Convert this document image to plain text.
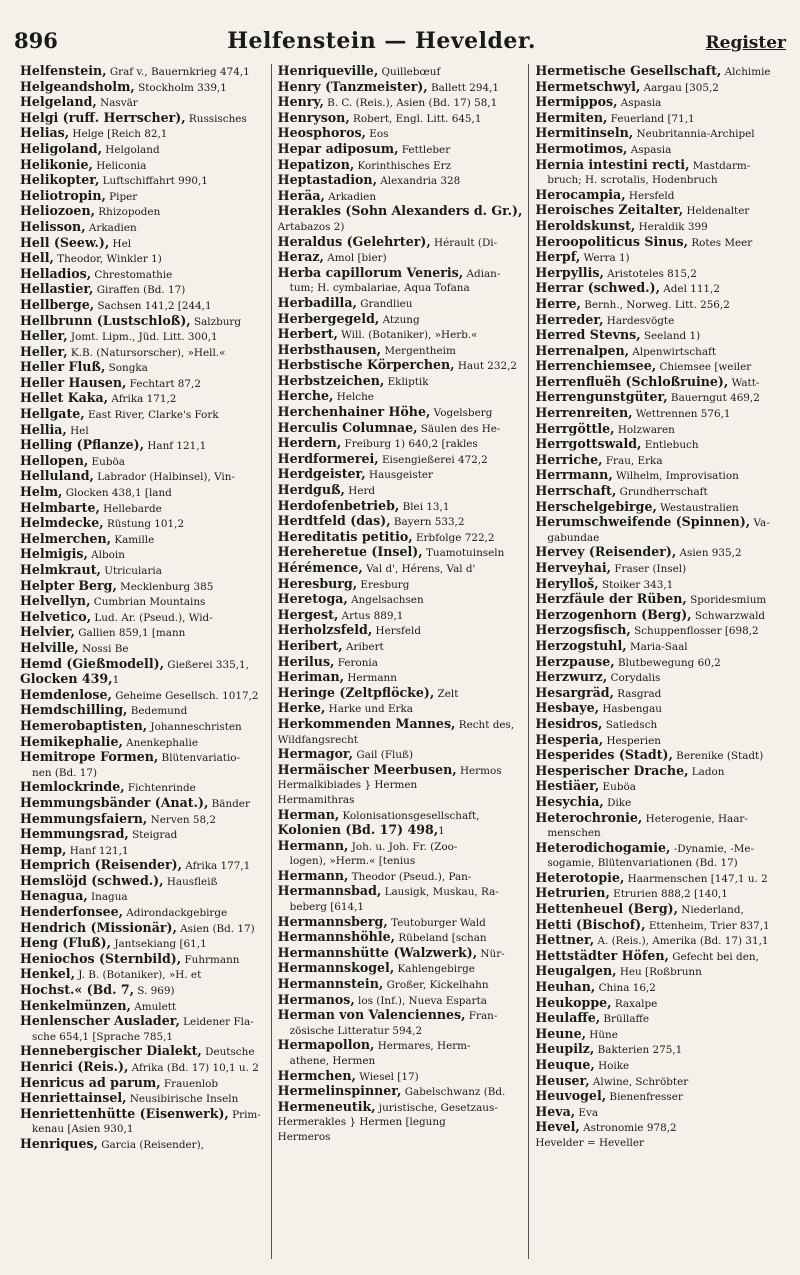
896	Helfenstein — Hevelder.	Register
Helfenstein, Graf v., Bauernkrieg 474,1
Helgeandsholm, Stockholm 339,1
Helgeland, Nasvär
Helgi (ruff. Herrscher), Russisches
Helias, Helge [Reich 82,1
Heligoland, Helgoland
Helikonie, Heliconia
Helikopter, Luftschiffahrt 990,1
Heliotropin, Piper
Heliozoen, Rhizopoden
Helisson, Arkadien
Hell (Seew.), Hel
Hell, Theodor, Winkler 1)
Helladios, Chrestomathie
Hellastier, Giraffen (Bd. 17)
Hellberge, Sachsen 141,2 [244,1
Hellbrunn (Lustschloß), Salzburg
Heller, Jomt. Lipm., Jüd. Litt. 300,1
Heller, K.B. (Natursorscher), »Hell.«
Heller Fluß, Songka
Heller Hausen, Fechtart 87,2
Hellet Kaka, Afrika 171,2
Hellgate, East River, Clarke's Fork
Hellia, Hel
Helling (Pflanze), Hanf 121,1
Hellopen, Euböa
Helluland, Labrador (Halbinsel), Vin-
Helm, Glocken 438,1 [land
Helmbarte, Hellebarde
Helmdecke, Rüstung 101,2
Helmerchen, Kamille
Helmigis, Alboin
Helmkraut, Utricularia
Helpter Berg, Mecklenburg 385
Helvellyn, Cumbrian Mountains
Helvetico, Lud. Ar. (Pseud.), Wid-
Helvier, Gallien 859,1 [mann
Helville, Nossi Be
Hemd (Gießmodell), Gießerei 335,1,
Glocken 439,1
Hemdenlose, Geheime Gesellsch. 1017,2
Hemdschilling, Bedemund
Hemerobaptisten, Johanneschristen
Hemikephalie, Anenkephalie
Hemitrope Formen, Blütenvariatio-
nen (Bd. 17)
Hemlockrinde, Fichtenrinde
Hemmungsbänder (Anat.), Bänder
Hemmungsfaiern, Nerven 58,2
Hemmungsrad, Steigrad
Hemp, Hanf 121,1
Hemprich (Reisender), Afrika 177,1
Hemslöjd (schwed.), Hausfleiß
Henagua, Inagua
Henderfonsee, Adirondackgebirge
Hendrich (Missionär), Asien (Bd. 17)
Heng (Fluß), Jantsekiang [61,1
Heniochos (Sternbild), Fuhrmann
Henkel, J. B. (Botaniker), »H. et
Hochst.« (Bd. 7, S. 969)
Henkelmünzen, Amulett
Henlenscher Auslader, Leidener Fla-
sche 654,1 [Sprache 785,1
Hennebergischer Dialekt, Deutsche
Henrici (Reis.), Afrika (Bd. 17) 10,1 u. 2
Henricus ad parum, Frauenlob
Henriettainsel, Neusibirische Inseln
Henriettenhütte (Eisenwerk), Prim-
kenau [Asien 930,1
Henriques, Garcia (Reisender),
Henriqueville, Quillebœuf
Henry (Tanzmeister), Ballett 294,1
Henry, B. C. (Reis.), Asien (Bd. 17) 58,1
Henryson, Robert, Engl. Litt. 645,1
Heosphoros, Eos
Hepar adiposum, Fettleber
Hepatizon, Korinthisches Erz
Heptastadion, Alexandria 328
Heräa, Arkadien
Herakles (Sohn Alexanders d. Gr.),
Artabazos 2)
Heraldus (Gelehrter), Hérault (Di-
Heraz, Amol [bier)
Herba capillorum Veneris, Adian-
tum; H. cymbalariae, Aqua Tofana
Herbadilla, Grandlieu
Herbergegeld, Atzung
Herbert, Will. (Botaniker), »Herb.«
Herbsthausen, Mergentheim
Herbstische Körperchen, Haut 232,2
Herbstzeichen, Ekliptik
Herche, Helche
Herchenhainer Höhe, Vogelsberg
Herculis Columnae, Säulen des He-
Herdern, Freiburg 1) 640,2 [rakles
Herdformerei, Eisengießerei 472,2
Herdgeister, Hausgeister
Herdguß, Herd
Herdofenbetrieb, Blei 13,1
Herdtfeld (das), Bayern 533,2
Hereditatis petitio, Erbfolge 722,2
Hereheretue (Insel), Tuamotuinseln
Hérémence, Val d', Hérens, Val d'
Heresburg, Eresburg
Heretoga, Angelsachsen
Hergest, Artus 889,1
Herholzsfeld, Hersfeld
Heribert, Aribert
Herilus, Feronia
Heriman, Hermann
Heringe (Zeltpflöcke), Zelt
Herke, Harke und Erka
Herkommenden Mannes, Recht des,
Wildfangsrecht
Hermagor, Gail (Fluß)
Hermäischer Meerbusen, Hermos
Hermalkibiades } Hermen
Hermamithras
Herman, Kolonisationsgesellschaft,
Kolonien (Bd. 17) 498,1
Hermann, Joh. u. Joh. Fr. (Zoo-
logen), »Herm.« [tenius
Hermann, Theodor (Pseud.), Pan-
Hermannsbad, Lausigk, Muskau, Ra-
beberg [614,1
Hermannsberg, Teutoburger Wald
Hermannshöhle, Rübeland [schan
Hermannshütte (Walzwerk), Nür-
Hermannskogel, Kahlengebirge
Hermannstein, Großer, Kickelhahn
Hermanos, los (Inf.), Nueva Esparta
Herman von Valenciennes, Fran-
zösische Litteratur 594,2
Hermapollon, Hermares, Herm-
athene, Hermen
Hermchen, Wiesel [17)
Hermelinspinner, Gabelschwanz (Bd.
Hermeneutik, juristische, Gesetzaus-
Hermerakles } Hermen [legung
Hermeros
Hermetische Gesellschaft, Alchimie
Hermetschwyl, Aargau [305,2
Hermippos, Aspasia
Hermiten, Feuerland [71,1
Hermitinseln, Neubritannia-Archipel
Hermotimos, Aspasia
Hernia intestini recti, Mastdarm-
bruch; H. scrotalis, Hodenbruch
Herocampia, Hersfeld
Heroisches Zeitalter, Heldenalter
Heroldskunst, Heraldik 399
Heroopoliticus Sinus, Rotes Meer
Herpf, Werra 1)
Herpyllis, Aristoteles 815,2
Herrar (schwed.), Adel 111,2
Herre, Bernh., Norweg. Litt. 256,2
Herreder, Hardesvögte
Herred Stevns, Seeland 1)
Herrenalpen, Alpenwirtschaft
Herrenchiemsee, Chiemsee [weiler
Herrenfluëh (Schloßruine), Watt-
Herrengunstgüter, Bauerngut 469,2
Herrenreiten, Wettrennen 576,1
Herrgöttle, Holzwaren
Herrgottswald, Entlebuch
Herriche, Frau, Erka
Herrmann, Wilhelm, Improvisation
Herrschaft, Grundherrschaft
Herschelgebirge, Westaustralien
Herumschweifende (Spinnen), Va-
gabundae
Hervey (Reisender), Asien 935,2
Herveyhai, Fraser (Insel)
Herylloš, Stoiker 343,1
Herzfäule der Rüben, Sporidesmium
Herzogenhorn (Berg), Schwarzwald
Herzogsfisch, Schuppenflosser [698,2
Herzogstuhl, Maria-Saal
Herzpause, Blutbewegung 60,2
Herzwurz, Corydalis
Hesargräd, Rasgrad
Hesbaye, Hasbengau
Hesidros, Satledsch
Hesperia, Hesperien
Hesperides (Stadt), Berenike (Stadt)
Hesperischer Drache, Ladon
Hestiäer, Euböa
Hesychia, Dike
Heterochronie, Heterogenie, Haar-
menschen
Heterodichogamie, -Dynamie, -Me-
sogamie, Blütenvariationen (Bd. 17)
Heterotopie, Haarmenschen [147,1 u. 2
Hetrurien, Etrurien 888,2 [140,1
Hettenheuel (Berg), Niederland,
Hetti (Bischof), Ettenheim, Trier 837,1
Hettner, A. (Reis.), Amerika (Bd. 17) 31,1
Hettstädter Höfen, Gefecht bei den,
Heugalgen, Heu [Roßbrunn
Heuhan, China 16,2
Heukoppe, Raxalpe
Heulaffe, Brüllaffe
Heune, Hüne
Heupilz, Bakterien 275,1
Heuque, Hoike
Heuser, Alwine, Schröbter
Heuvogel, Bienenfresser
Heva, Eva
Hevel, Astronomie 978,2
Hevelder = Heveller
